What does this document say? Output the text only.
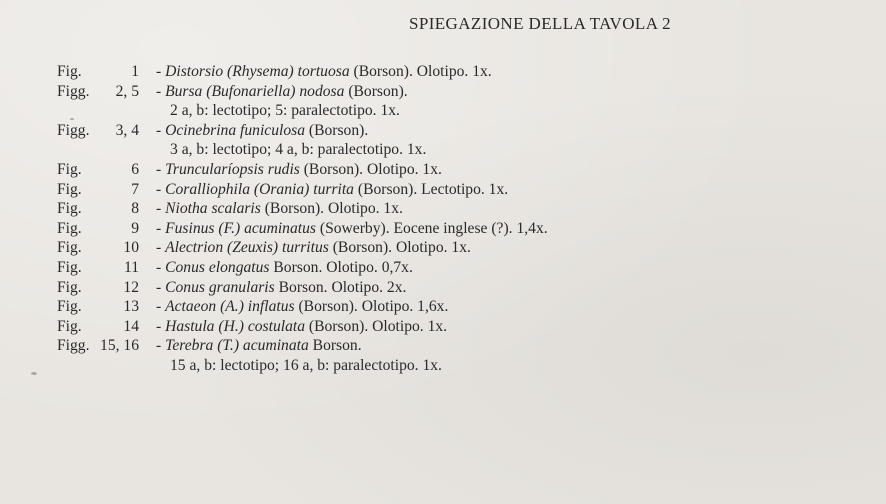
SPIEGAZIONE DELLA TAVOLA 2
Fig.	1 - Distorsio (Rhysema) tortuosa (Borson). Olotipo. 1x.
Figg.	2, 5 - Bursa (Bufonariella) nodosa (Borson).
2 a, b: lectotipo; 5: paralectotipo. 1x.
Figg.	3, 4 - Ocinebrina funiculosa (Borson).
3 a, b: lectotipo; 4 a, b: paralectotipo. 1x.
Fig.	6 - Truncularíopsis rudis (Borson). Olotipo. 1x.
Fig.	7 - Coralliophila (Orania) turrita (Borson). Lectotipo. 1x.
Fig.	8 - Niotha scalaris (Borson). Olotipo. 1x.
Fig.	9 - Fusinus (F.) acuminatus (Sowerby). Eocene inglese (?). 1,4x.
Fig.	10 - Alectrion (Zeuxis) turritus (Borson). Olotipo. 1x.
Fig.	11 - Conus elongatus Borson. Olotipo. 0,7x.
Fig.	12 - Conus granularis Borson. Olotipo. 2x.
Fig.	13 - Actaeon (A.) inflatus (Borson). Olotipo. 1,6x.
Fig.	14 - Hastula (H.) costulata (Borson). Olotipo. 1x.
Figg. 15, 16 - Terebra (T.) acuminata Borson.
15 a, b: lectotipo; 16 a, b: paralectotipo. 1x.
